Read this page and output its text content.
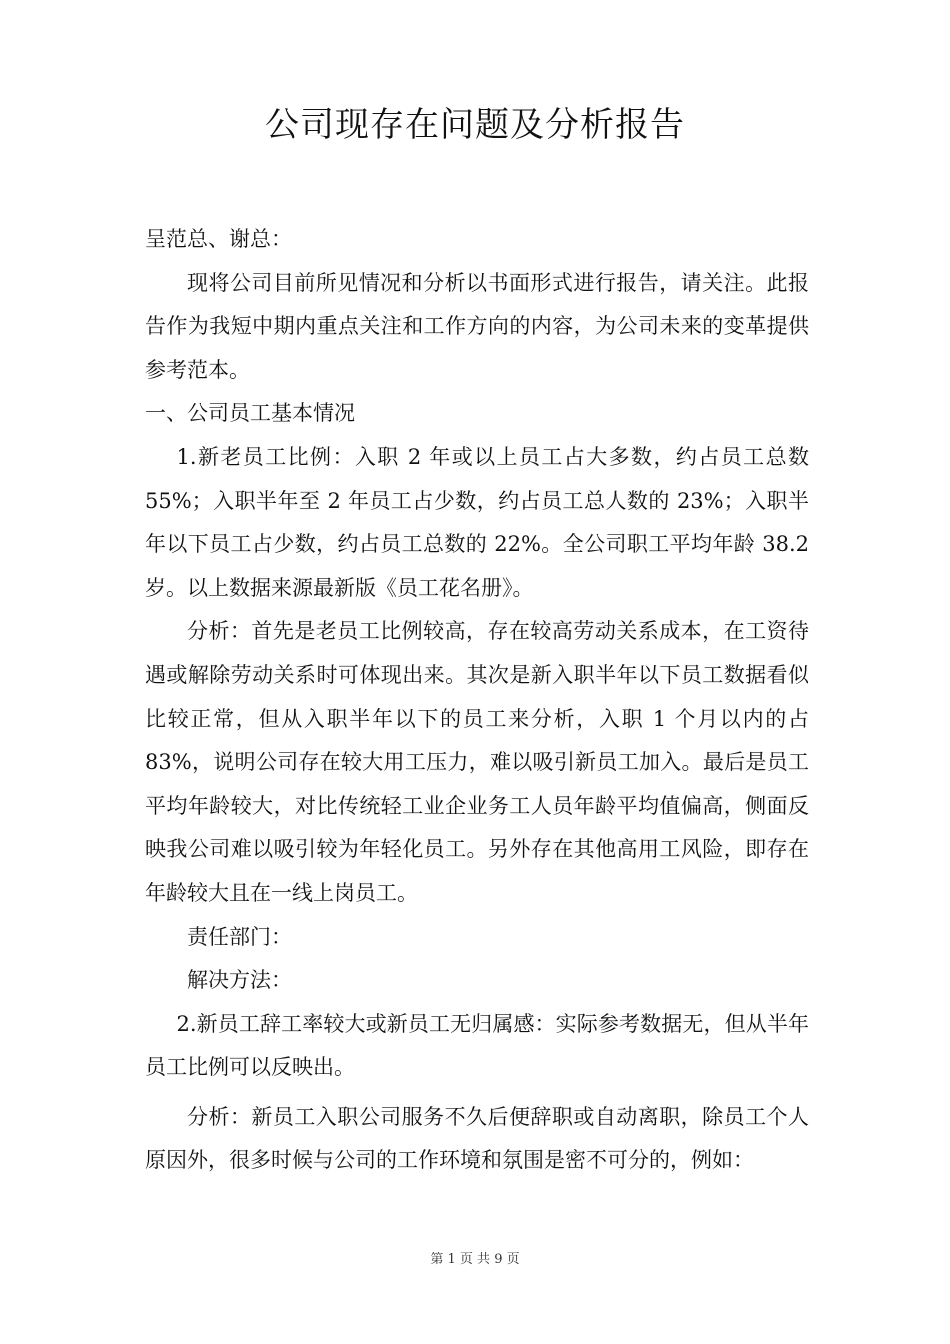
公司现存在问题及分析报告

呈范总、谢总：

现将公司目前所见情况和分析以书面形式进行报告，请关注。此报告作为我短中期内重点关注和工作方向的内容，为公司未来的变革提供参考范本。

一、公司员工基本情况

1.新老员工比例：入职 2 年或以上员工占大多数，约占员工总数55%；入职半年至 2 年员工占少数，约占员工总人数的 23%；入职半年以下员工占少数，约占员工总数的 22%。全公司职工平均年龄 38.2岁。以上数据来源最新版《员工花名册》。

分析：首先是老员工比例较高，存在较高劳动关系成本，在工资待遇或解除劳动关系时可体现出来。其次是新入职半年以下员工数据看似比较正常，但从入职半年以下的员工来分析，入职 1 个月以内的占 83%，说明公司存在较大用工压力，难以吸引新员工加入。最后是员工平均年龄较大，对比传统轻工业企业务工人员年龄平均值偏高，侧面反映我公司难以吸引较为年轻化员工。另外存在其他高用工风险，即存在年龄较大且在一线上岗员工。

责任部门：

解决方法：

2.新员工辞工率较大或新员工无归属感：实际参考数据无，但从半年员工比例可以反映出。

分析：新员工入职公司服务不久后便辞职或自动离职，除员工个人原因外，很多时候与公司的工作环境和氛围是密不可分的，例如：

第 1 页 共 9 页
